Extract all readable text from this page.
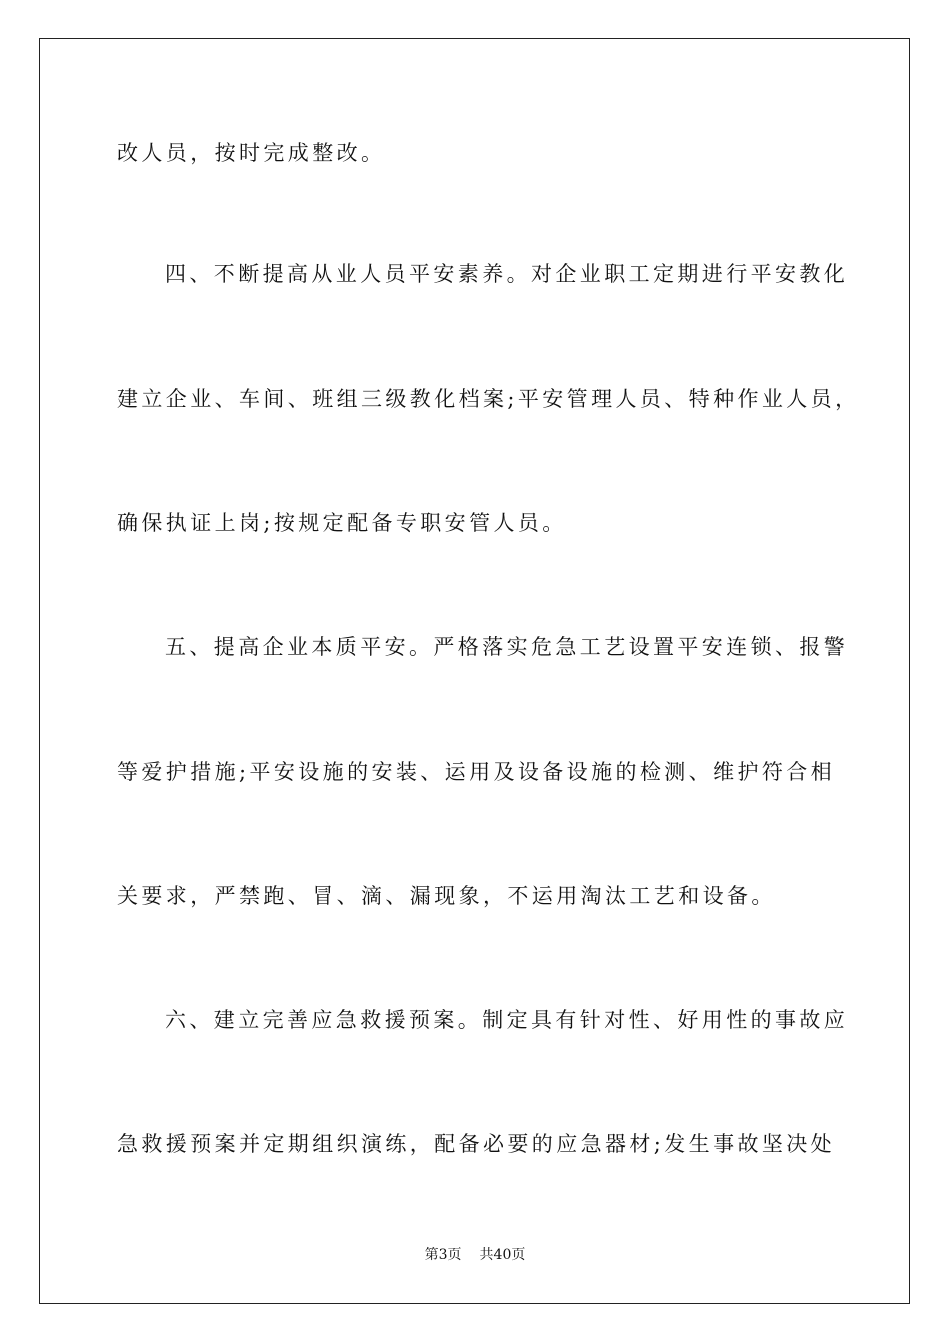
改人员，按时完成整改。
四、不断提高从业人员平安素养。对企业职工定期进行平安教化
建立企业、车间、班组三级教化档案;平安管理人员、特种作业人员，
确保执证上岗;按规定配备专职安管人员。
五、提高企业本质平安。严格落实危急工艺设置平安连锁、报警
等爱护措施;平安设施的安装、运用及设备设施的检测、维护符合相
关要求，严禁跑、冒、滴、漏现象，不运用淘汰工艺和设备。
六、建立完善应急救援预案。制定具有针对性、好用性的事故应
急救援预案并定期组织演练，配备必要的应急器材;发生事故坚决处
第3页 共40页
